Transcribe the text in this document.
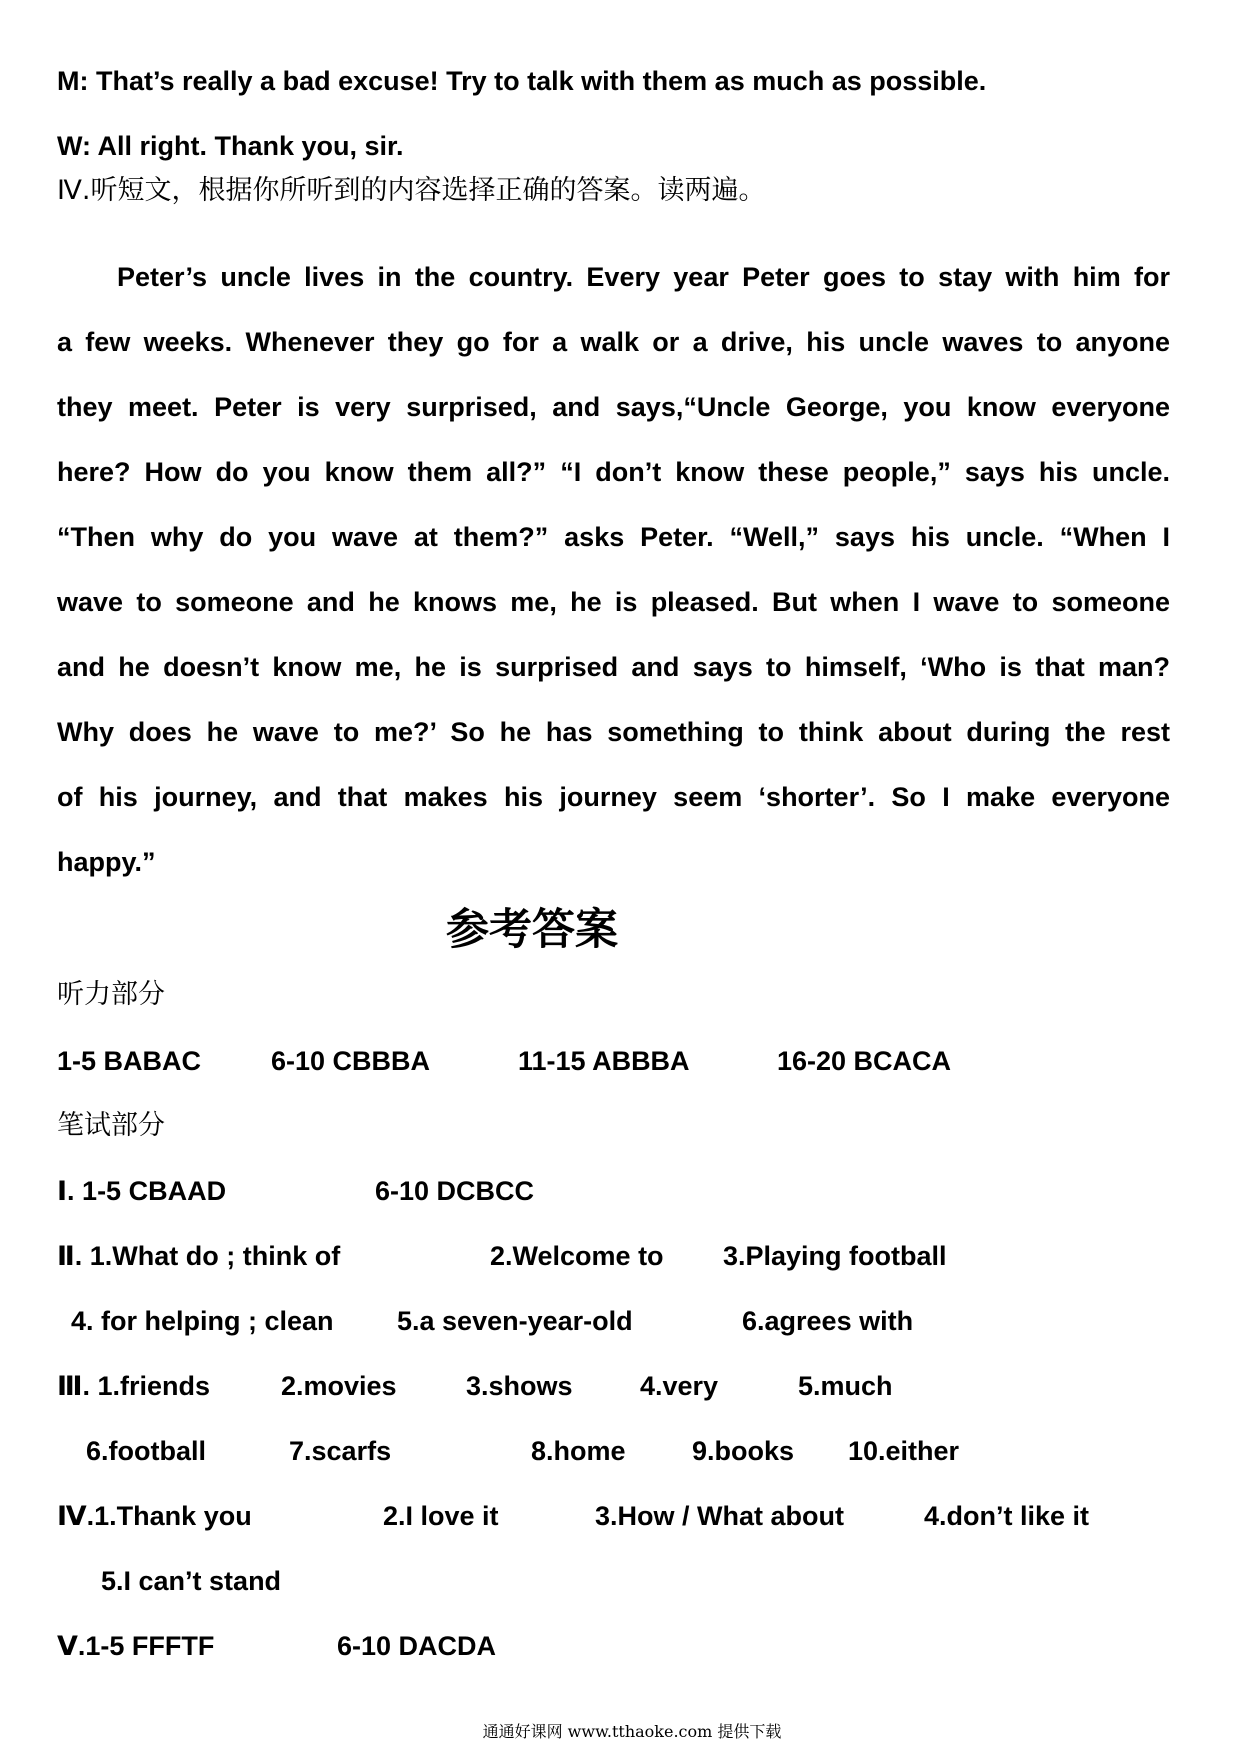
M: That’s really a bad excuse! Try to talk with them as much as possible.
W: All right. Thank you, sir.
Ⅳ.听短文，根据你所听到的内容选择正确的答案。读两遍。
Peter’s uncle lives in the country. Every year Peter goes to stay with him for
a few weeks. Whenever they go for a walk or a drive, his uncle waves to anyone
they meet. Peter is very surprised, and says,“Uncle George, you know everyone
here? How do you know them all?” “I don’t know these people,” says his uncle.
“Then why do you wave at them?” asks Peter. “Well,” says his uncle. “When I
wave to someone and he knows me, he is pleased. But when I wave to someone
and he doesn’t know me, he is surprised and says to himself, ‘Who is that man?
Why does he wave to me?’ So he has something to think about during the rest
of his journey, and that makes his journey seem ‘shorter’. So I make everyone
happy.”
参考答案
听力部分
1-5 BABAC	6-10 CBBBA	11-15 ABBBA	16-20 BCACA
笔试部分
Ⅰ. 1-5 CBAAD	6-10 DCBCC
Ⅱ. 1.What do ; think of	2.Welcome to 3.Playing football
4. for helping ; clean 5.a seven-year-old	6.agrees with
Ⅲ. 1.friends	2.movies	3.shows 4.very	5.much
6.football	7.scarfs	8.home 9.books 10.either
Ⅳ.1.Thank you	2.I love it	3.How / What about	4.don’t like it
5.I can’t stand
Ⅴ.1-5 FFFTF	6-10 DACDA
通通好课网 www.tthaoke.com 提供下载
